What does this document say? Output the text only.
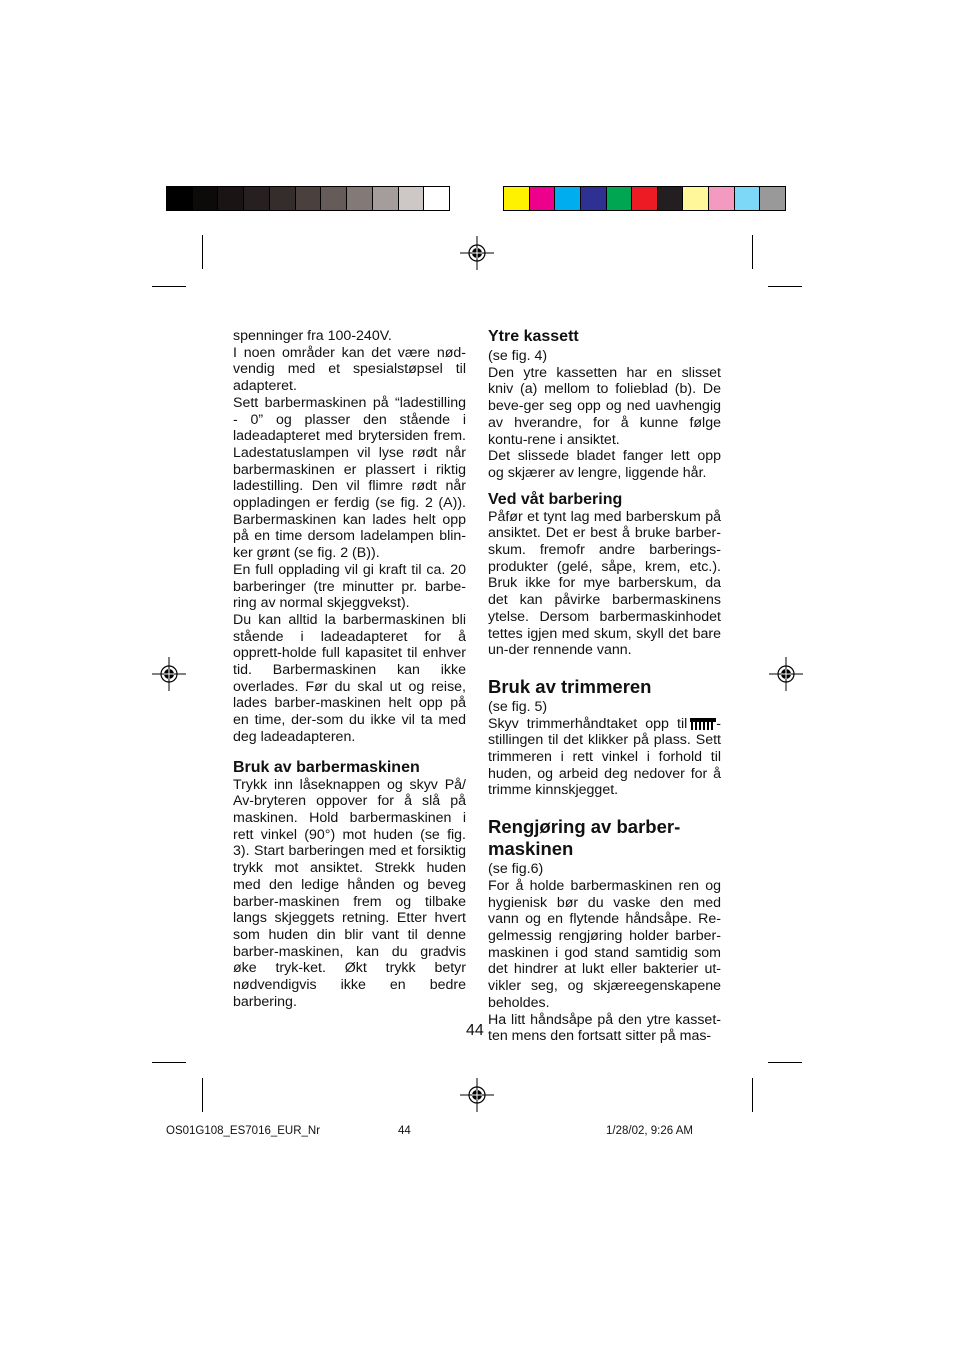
spenninger fra 100-240V.

I noen områder kan det være nød-vendig med et spesialstøpsel til adapteret.

Sett barbermaskinen på “ladestilling - 0” og plasser den stående i ladeadapteret med brytersiden frem. Ladestatuslampen vil lyse rødt når barbermaskinen er plassert i riktig ladestilling. Den vil flimre rødt når oppladingen er ferdig (se fig. 2 (A)). Barbermaskinen kan lades helt opp på en time dersom ladelampen blin-ker grønt (se fig. 2 (B)).

En full opplading vil gi kraft til ca. 20 barberinger (tre minutter pr. barbe-ring av normal skjeggvekst).

Du kan alltid la barbermaskinen bli stående i ladeadapteret for å opprett-holde full kapasitet til enhver tid. Barbermaskinen kan ikke overlades. Før du skal ut og reise, lades barber-maskinen helt opp på en time, der-som du ikke vil ta med deg ladeadapteren.

Bruk av barbermaskinen

Trykk inn låseknappen og skyv På/ Av-bryteren oppover for å slå på maskinen. Hold barbermaskinen i rett vinkel (90°) mot huden (se fig. 3). Start barberingen med et forsiktig trykk mot ansiktet. Strekk huden med den ledige hånden og beveg barber-maskinen frem og tilbake langs skjeggets retning. Etter hvert som huden din blir vant til denne barber-maskinen, kan du gradvis øke tryk-ket. Økt trykk betyr nødvendigvis ikke en bedre barbering.

Ytre kassett

(se fig. 4)

Den ytre kassetten har en slisset kniv (a) mellom to folieblad (b). De beve-ger seg opp og ned uavhengig av hverandre, for å kunne følge kontu-rene i ansiktet.

Det slissede bladet fanger lett opp og skjærer av lengre, liggende hår.

Ved våt barbering

Påfør et tynt lag med barberskum på ansiktet. Det er best å bruke barber-skum. fremofr andre barberings-produkter (gelé, såpe, krem, etc.). Bruk ikke for mye barberskum, da det kan påvirke barbermaskinens ytelse. Dersom barbermaskinhodet tettes igjen med skum, skyll det bare un-der rennende vann.

Bruk av trimmeren

(se fig. 5)

Skyv trimmerhåndtaket opp til -stillingen til det klikker på plass. Sett trimmeren i rett vinkel i forhold til huden, og arbeid deg nedover for å trimme kinnskjegget.

Rengjøring av barber-
maskinen

(se fig.6)

For å holde barbermaskinen ren og hygienisk bør du vaske den med vann og en flytende håndsåpe. Re-gelmessig rengjøring holder barber-maskinen i god stand samtidig som det hindrer at lukt eller bakterier ut-vikler seg, og skjæreegenskapene beholdes.

Ha litt håndsåpe på den ytre kasset-ten mens den fortsatt sitter på mas-

44
OS01G108_ES7016_EUR_Nr	44	1/28/02, 9:26 AM
